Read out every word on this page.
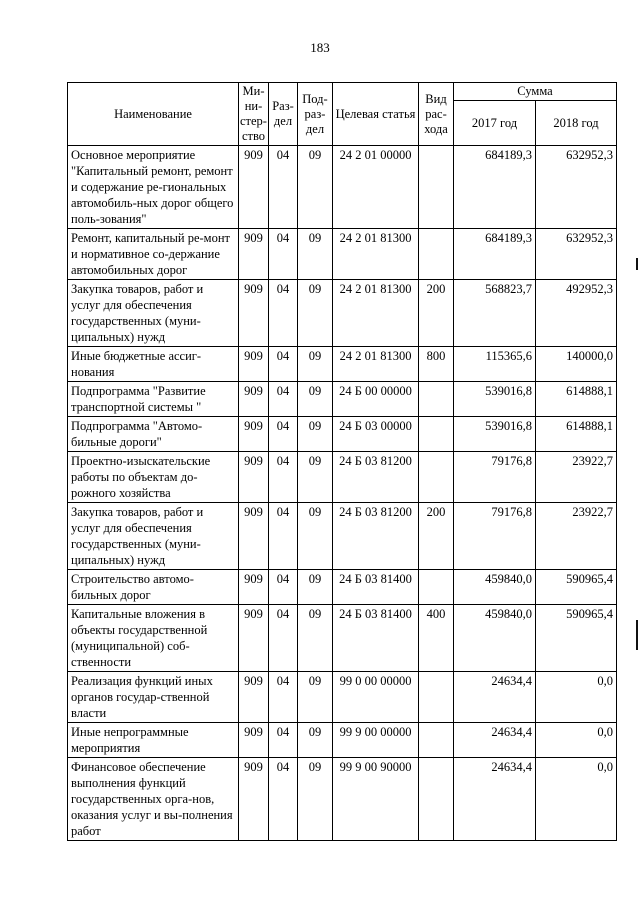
183
Наименование	Ми-ни-стер-ство	Раз-дел	Под-раз-дел	Целевая статья	Вид рас-хода	Сумма	
						2017 год	2018 год
Основное мероприятие "Капитальный ремонт, ремонт и содержание ре-гиональных автомобиль-ных дорог общего поль-зования"	909	04	09	24 2 01 00000		684189,3	632952,3
Ремонт, капитальный ре-монт и нормативное со-держание автомобильных дорог	909	04	09	24 2 01 81300		684189,3	632952,3
Закупка товаров, работ и услуг для обеспечения государственных (муни-ципальных) нужд	909	04	09	24 2 01 81300	200	568823,7	492952,3
Иные бюджетные ассиг-нования	909	04	09	24 2 01 81300	800	115365,6	140000,0
Подпрограмма "Развитие транспортной системы "	909	04	09	24 Б 00 00000		539016,8	614888,1
Подпрограмма "Автомо-бильные дороги"	909	04	09	24 Б 03 00000		539016,8	614888,1
Проектно-изыскательские работы по объектам до-рожного хозяйства	909	04	09	24 Б 03 81200		79176,8	23922,7
Закупка товаров, работ и услуг для обеспечения государственных (муни-ципальных) нужд	909	04	09	24 Б 03 81200	200	79176,8	23922,7
Строительство автомо-бильных дорог	909	04	09	24 Б 03 81400		459840,0	590965,4
Капитальные вложения в объекты государственной (муниципальной) соб-ственности	909	04	09	24 Б 03 81400	400	459840,0	590965,4
Реализация функций иных органов государ-ственной власти	909	04	09	99 0 00 00000		24634,4	0,0
Иные непрограммные мероприятия	909	04	09	99 9 00 00000		24634,4	0,0
Финансовое обеспечение выполнения функций государственных орга-нов, оказания услуг и вы-полнения работ	909	04	09	99 9 00 90000		24634,4	0,0
